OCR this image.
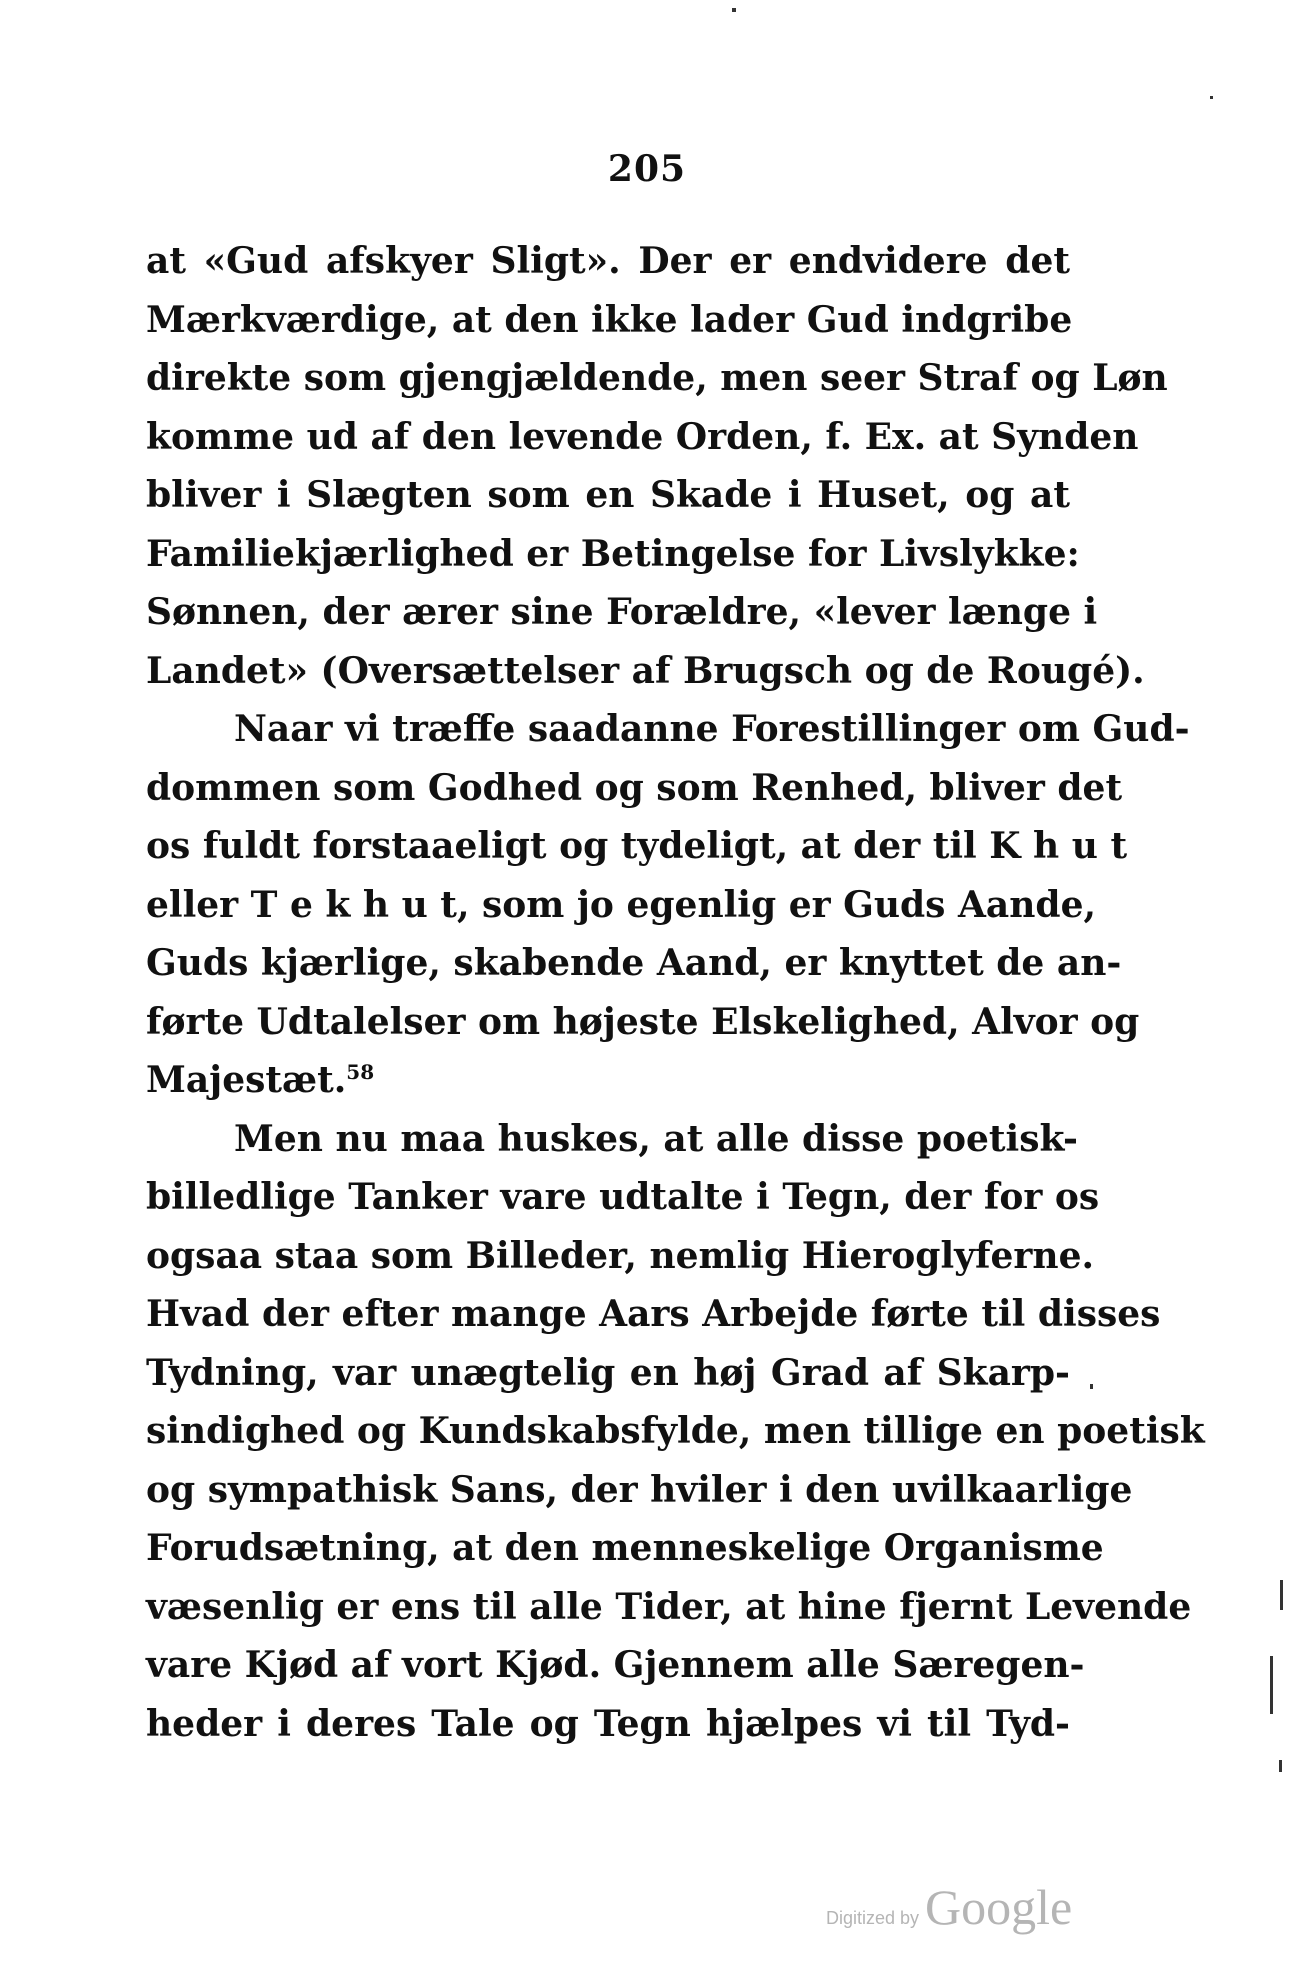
205
at «Gud afskyer Sligt». Der er endvidere det
Mærkværdige, at den ikke lader Gud indgribe
direkte som gjengjældende, men seer Straf og Løn
komme ud af den levende Orden, f. Ex. at Synden
bliver i Slægten som en Skade i Huset, og at
Familiekjærlighed er Betingelse for Livslykke:
Sønnen, der ærer sine Forældre, «lever længe i
Landet» (Oversættelser af Brugsch og de Rougé).
Naar vi træffe saadanne Forestillinger om Gud-
dommen som Godhed og som Renhed, bliver det
os fuldt forstaaeligt og tydeligt, at der til K h u t
eller T e k h u t, som jo egenlig er Guds Aande,
Guds kjærlige, skabende Aand, er knyttet de an-
førte Udtalelser om højeste Elskelighed, Alvor og
Majestæt.$^{58}$
Men nu maa huskes, at alle disse poetisk-
billedlige Tanker vare udtalte i Tegn, der for os
ogsaa staa som Billeder, nemlig Hieroglyferne.
Hvad der efter mange Aars Arbejde førte til disses
Tydning, var unægtelig en høj Grad af Skarp-
sindighed og Kundskabsfylde, men tillige en poetisk
og sympathisk Sans, der hviler i den uvilkaarlige
Forudsætning, at den menneskelige Organisme
væsenlig er ens til alle Tider, at hine fjernt Levende
vare Kjød af vort Kjød. Gjennem alle Særegen-
heder i deres Tale og Tegn hjælpes vi til Tyd-
Digitized by Google
